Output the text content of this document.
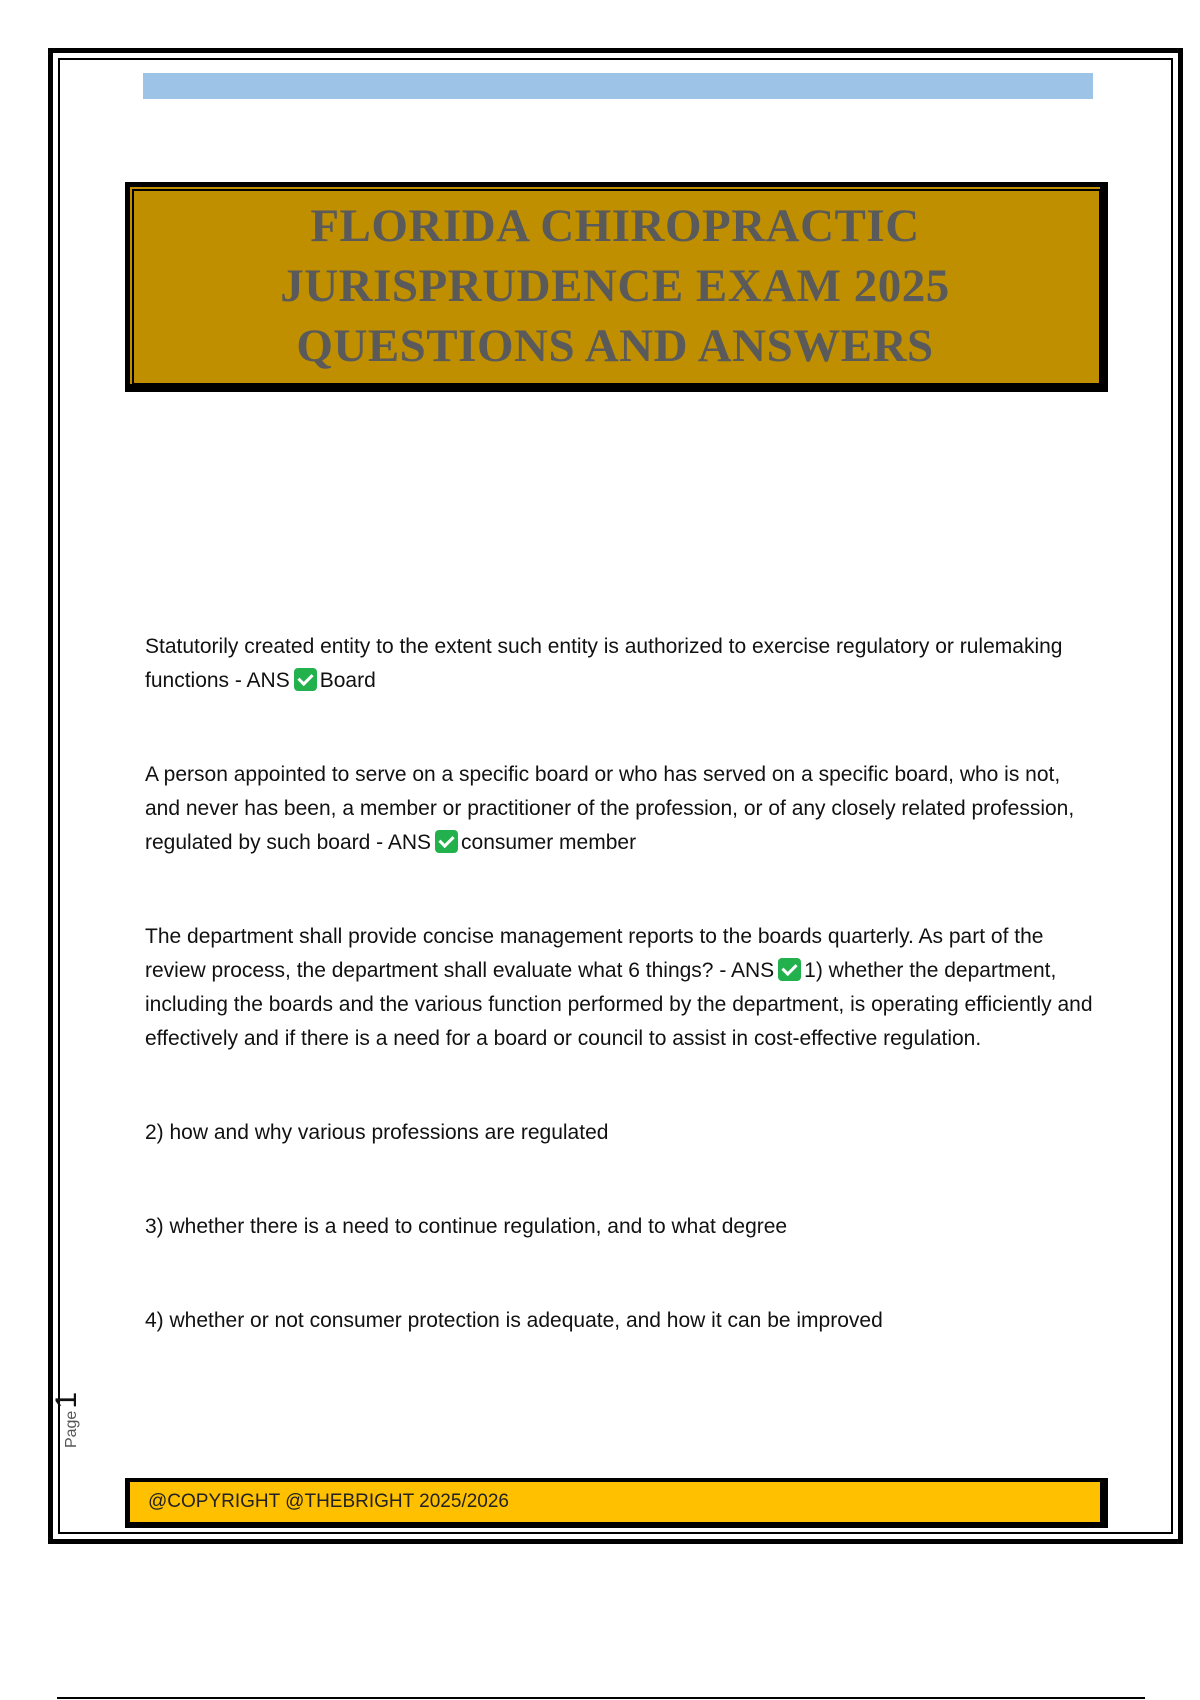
FLORIDA CHIROPRACTIC
JURISPRUDENCE EXAM 2025
QUESTIONS AND ANSWERS

Statutorily created entity to the extent such entity is authorized to exercise regulatory or rulemaking functions - ANS Board

A person appointed to serve on a specific board or who has served on a specific board, who is not, and never has been, a member or practitioner of the profession, or of any closely related profession, regulated by such board - ANS consumer member

The department shall provide concise management reports to the boards quarterly. As part of the review process, the department shall evaluate what 6 things? - ANS 1) whether the department, including the boards and the various function performed by the department, is operating efficiently and effectively and if there is a need for a board or council to assist in cost-effective regulation.

2) how and why various professions are regulated

3) whether there is a need to continue regulation, and to what degree

4) whether or not consumer protection is adequate, and how it can be improved

Page
1
@COPYRIGHT @THEBRIGHT 2025/2026
